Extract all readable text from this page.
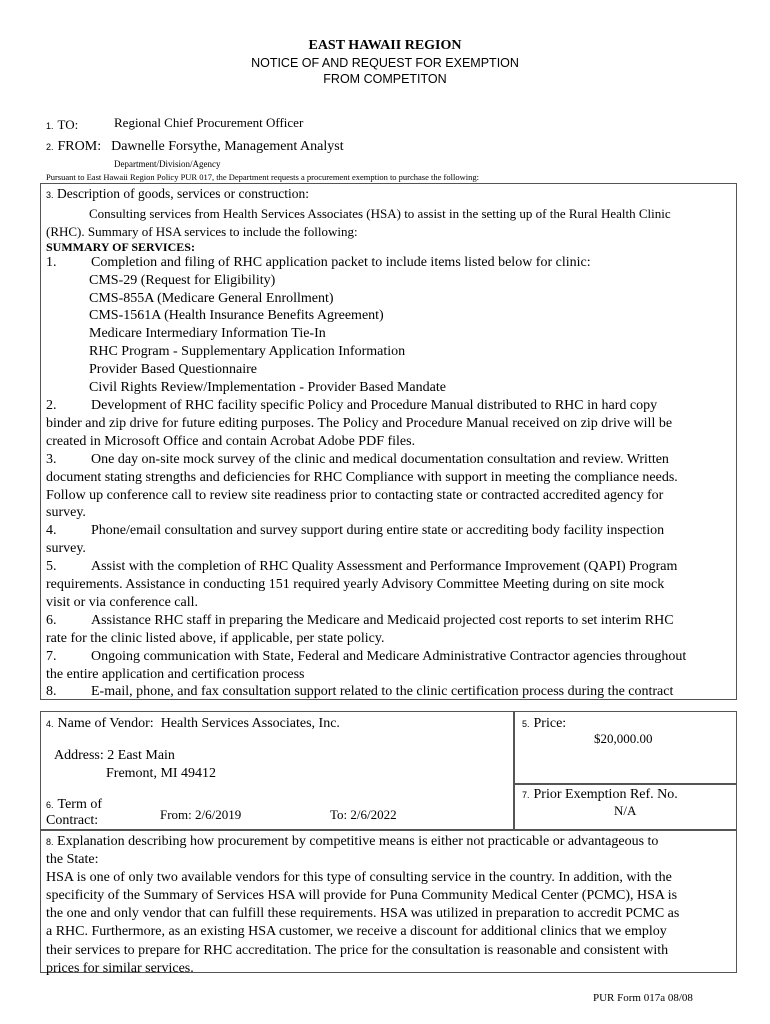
EAST HAWAII REGION
NOTICE OF AND REQUEST FOR EXEMPTION
FROM COMPETITON
1. TO:	Regional Chief Procurement Officer
2. FROM: Dawnelle Forsythe, Management Analyst
Department/Division/Agency
Pursuant to East Hawaii Region Policy PUR 017, the Department requests a procurement exemption to purchase the following:
3. Description of goods, services or construction:
Consulting services from Health Services Associates (HSA) to assist in the setting up of the Rural Health Clinic
(RHC). Summary of HSA services to include the following:
SUMMARY OF SERVICES:
1. Completion and filing of RHC application packet to include items listed below for clinic:
CMS-29 (Request for Eligibility)
CMS-855A (Medicare General Enrollment)
CMS-1561A (Health Insurance Benefits Agreement)
Medicare Intermediary Information Tie-In
RHC Program - Supplementary Application Information
Provider Based Questionnaire
Civil Rights Review/Implementation - Provider Based Mandate
2. Development of RHC facility specific Policy and Procedure Manual distributed to RHC in hard copy
binder and zip drive for future editing purposes. The Policy and Procedure Manual received on zip drive will be
created in Microsoft Office and contain Acrobat Adobe PDF files.
3. One day on-site mock survey of the clinic and medical documentation consultation and review. Written
document stating strengths and deficiencies for RHC Compliance with support in meeting the compliance needs.
Follow up conference call to review site readiness prior to contacting state or contracted accredited agency for
survey.
4. Phone/email consultation and survey support during entire state or accrediting body facility inspection
survey.
5. Assist with the completion of RHC Quality Assessment and Performance Improvement (QAPI) Program
requirements. Assistance in conducting 151 required yearly Advisory Committee Meeting during on site mock
visit or via conference call.
6. Assistance RHC staff in preparing the Medicare and Medicaid projected cost reports to set interim RHC
rate for the clinic listed above, if applicable, per state policy.
7. Ongoing communication with State, Federal and Medicare Administrative Contractor agencies throughout
the entire application and certification process
8. E-mail, phone, and fax consultation support related to the clinic certification process during the contract
4. Name of Vendor: Health Services Associates, Inc.
Address: 2 East Main
Fremont, MI 49412
5. Price:
$20,000.00
6. Term of
Contract:	From: 2/6/2019	To: 2/6/2022
7. Prior Exemption Ref. No.
N/A
8. Explanation describing how procurement by competitive means is either not practicable or advantageous to
the State:
HSA is one of only two available vendors for this type of consulting service in the country. In addition, with the
specificity of the Summary of Services HSA will provide for Puna Community Medical Center (PCMC), HSA is
the one and only vendor that can fulfill these requirements. HSA was utilized in preparation to accredit PCMC as
a RHC. Furthermore, as an existing HSA customer, we receive a discount for additional clinics that we employ
their services to prepare for RHC accreditation. The price for the consultation is reasonable and consistent with
prices for similar services.
PUR Form 017a 08/08
